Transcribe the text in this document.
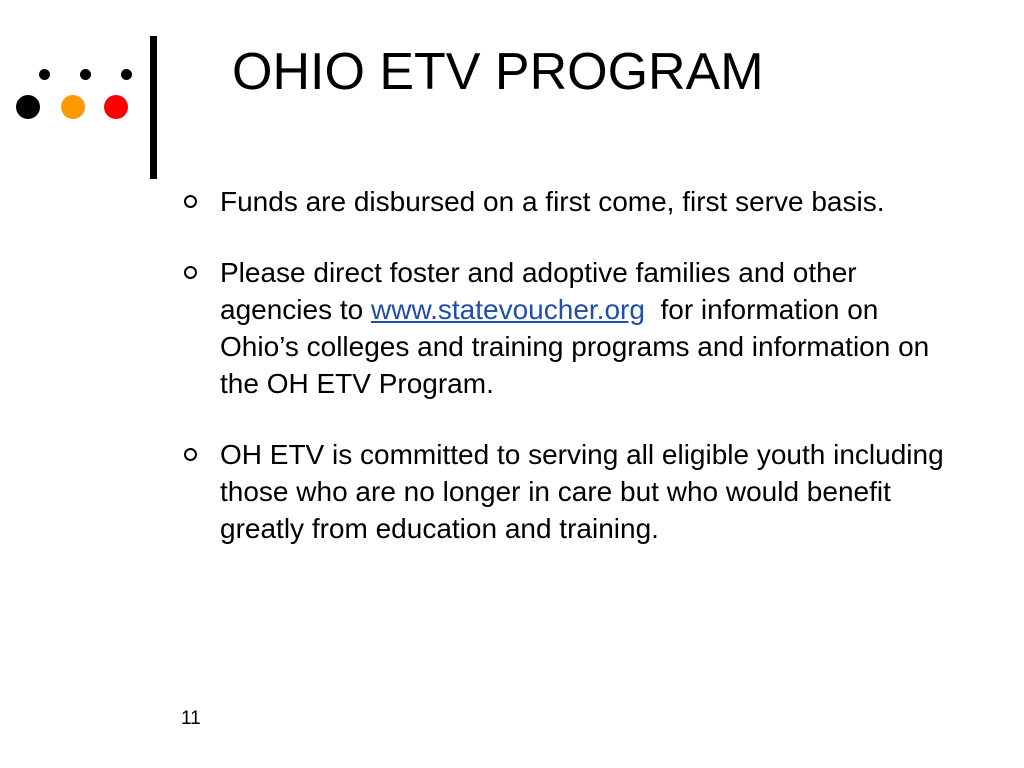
OHIO ETV PROGRAM
Funds are disbursed on a first come, first serve basis.
Please direct foster and adoptive families and other agencies to www.statevoucher.org  for information on Ohio’s colleges and training programs and information on the OH ETV Program.
OH ETV is committed to serving all eligible youth including those who are no longer in care but who would benefit greatly from education and training.
11
